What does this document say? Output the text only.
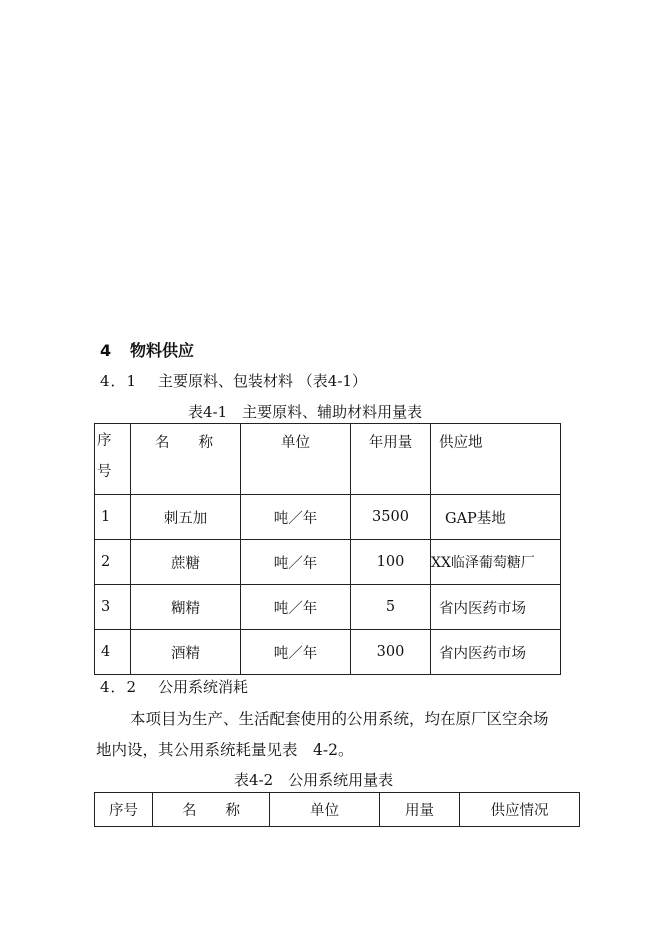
4 物料供应
4．1 主要原料、包装材料 （表4-1）
表4-1　主要原料、辅助材料用量表
序
号	名　　称	单位	年用量	供应地
1	刺五加	吨／年	3500	GAP基地
2	蔗糖	吨／年	100	XX临泽葡萄糖厂
3	糊精	吨／年	5	省内医药市场
4	酒精	吨／年	300	省内医药市场
4．2 公用系统消耗
本项目为生产、生活配套使用的公用系统，均在原厂区空余场
地内设，其公用系统耗量见表　4-2。
表4-2　公用系统用量表
序号	名　　称	单位	用量	供应情况
